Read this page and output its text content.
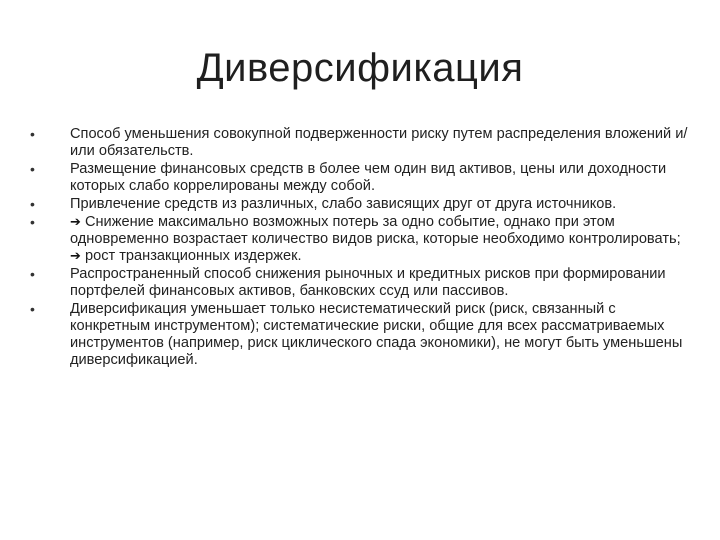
Диверсификация
• Способ уменьшения совокупной подверженности риску путем распределения вложений и/или обязательств.
• Размещение финансовых средств в более чем один вид активов, цены или доходности которых слабо коррелированы между собой.
• Привлечение средств из различных, слабо зависящих друг от друга источников.
•	➔ Снижение максимально возможных потерь за одно событие, однако при этом одновременно возрастает количество видов риска, которые необходимо контролировать; ➔ рост транзакционных издержек.
• Распространенный способ снижения рыночных и кредитных рисков при формировании портфелей финансовых активов, банковских ссуд или пассивов.
• Диверсификация уменьшает только несистематический риск (риск, связанный с конкретным инструментом); систематические риски, общие для всех рассматриваемых инструментов (например, риск циклического спада экономики), не могут быть уменьшены диверсификацией.
